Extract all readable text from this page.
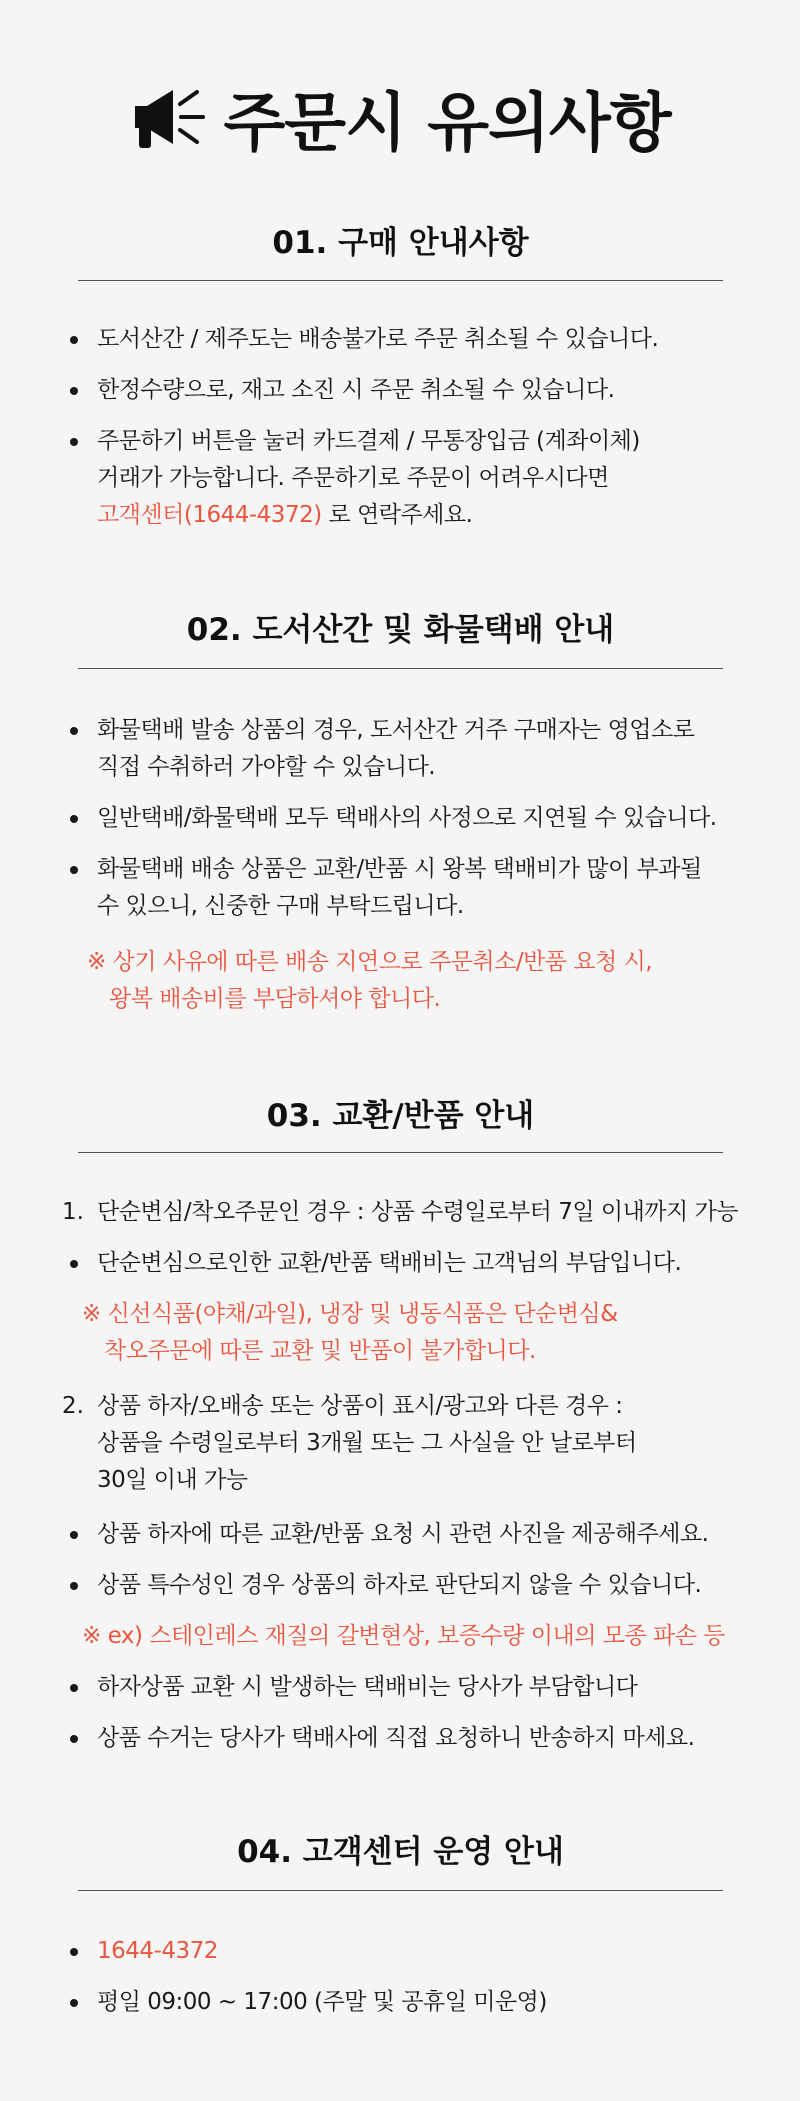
주문시 유의사항
01. 구매 안내사항
도서산간 / 제주도는 배송불가로 주문 취소될 수 있습니다.
한정수량으로, 재고 소진 시 주문 취소될 수 있습니다.
주문하기 버튼을 눌러 카드결제 / 무통장입금 (계좌이체)
거래가 가능합니다. 주문하기로 주문이 어려우시다면
고객센터(1644-4372) 로 연락주세요.
02. 도서산간 및 화물택배 안내
화물택배 발송 상품의 경우, 도서산간 거주 구매자는 영업소로
직접 수취하러 가야할 수 있습니다.
일반택배/화물택배 모두 택배사의 사정으로 지연될 수 있습니다.
화물택배 배송 상품은 교환/반품 시 왕복 택배비가 많이 부과될
수 있으니, 신중한 구매 부탁드립니다.
※ 상기 사유에 따른 배송 지연으로 주문취소/반품 요청 시,
왕복 배송비를 부담하셔야 합니다.
03. 교환/반품 안내
1. 단순변심/착오주문인 경우 : 상품 수령일로부터 7일 이내까지 가능
단순변심으로인한 교환/반품 택배비는 고객님의 부담입니다.
※ 신선식품(야채/과일), 냉장 및 냉동식품은 단순변심&
착오주문에 따른 교환 및 반품이 불가합니다.
2. 상품 하자/오배송 또는 상품이 표시/광고와 다른 경우 :
상품을 수령일로부터 3개월 또는 그 사실을 안 날로부터
30일 이내 가능
상품 하자에 따른 교환/반품 요청 시 관련 사진을 제공해주세요.
상품 특수성인 경우 상품의 하자로 판단되지 않을 수 있습니다.
※ ex) 스테인레스 재질의 갈변현상, 보증수량 이내의 모종 파손 등
하자상품 교환 시 발생하는 택배비는 당사가 부담합니다
상품 수거는 당사가 택배사에 직접 요청하니 반송하지 마세요.
04. 고객센터 운영 안내
1644-4372
평일 09:00 ~ 17:00 (주말 및 공휴일 미운영)
